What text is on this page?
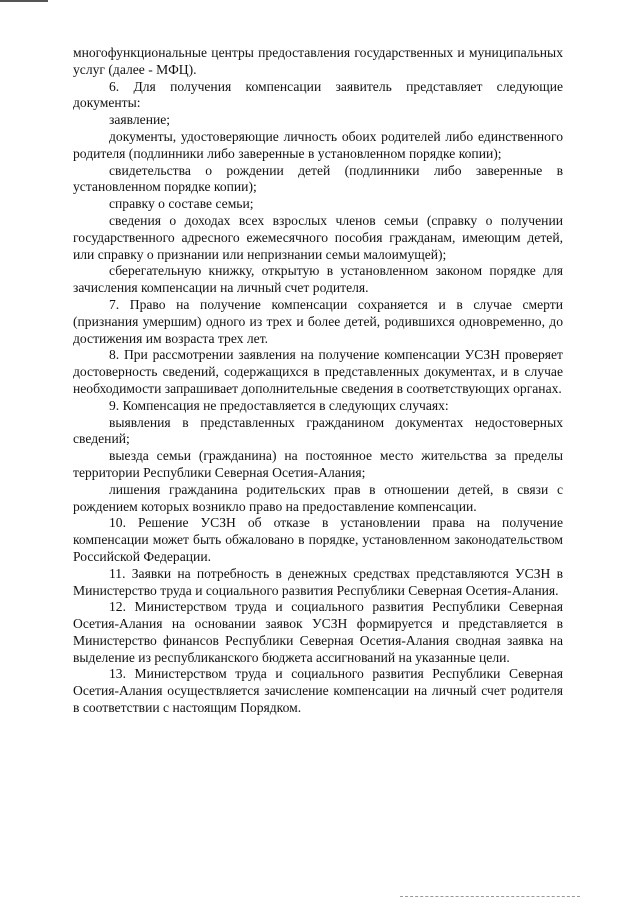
многофункциональные центры предоставления государственных и муниципальных услуг (далее - МФЦ).

6. Для получения компенсации заявитель представляет следующие документы:

заявление;

документы, удостоверяющие личность обоих родителей либо единственного родителя (подлинники либо заверенные в установленном порядке копии);

свидетельства о рождении детей (подлинники либо заверенные в установленном порядке копии);

справку о составе семьи;

сведения о доходах всех взрослых членов семьи (справку о получении государственного адресного ежемесячного пособия гражданам, имеющим детей, или справку о признании или непризнании семьи малоимущей);

сберегательную книжку, открытую в установленном законом порядке для зачисления компенсации на личный счет родителя.

7. Право на получение компенсации сохраняется и в случае смерти (признания умершим) одного из трех и более детей, родившихся одновременно, до достижения им возраста трех лет.

8. При рассмотрении заявления на получение компенсации УСЗН проверяет достоверность сведений, содержащихся в представленных документах, и в случае необходимости запрашивает дополнительные сведения в соответствующих органах.

9. Компенсация не предоставляется в следующих случаях:

выявления в представленных гражданином документах недостоверных сведений;

выезда семьи (гражданина) на постоянное место жительства за пределы территории Республики Северная Осетия-Алания;

лишения гражданина родительских прав в отношении детей, в связи с рождением которых возникло право на предоставление компенсации.

10. Решение УСЗН об отказе в установлении права на получение компенсации может быть обжаловано в порядке, установленном законодательством Российской Федерации.

11. Заявки на потребность в денежных средствах представляются УСЗН в Министерство труда и социального развития Республики Северная Осетия-Алания.

12. Министерством труда и социального развития Республики Северная Осетия-Алания на основании заявок УСЗН формируется и представляется в Министерство финансов Республики Северная Осетия-Алания сводная заявка на выделение из республиканского бюджета ассигнований на указанные цели.

13. Министерством труда и социального развития Республики Северная Осетия-Алания осуществляется зачисление компенсации на личный счет родителя в соответствии с настоящим Порядком.
